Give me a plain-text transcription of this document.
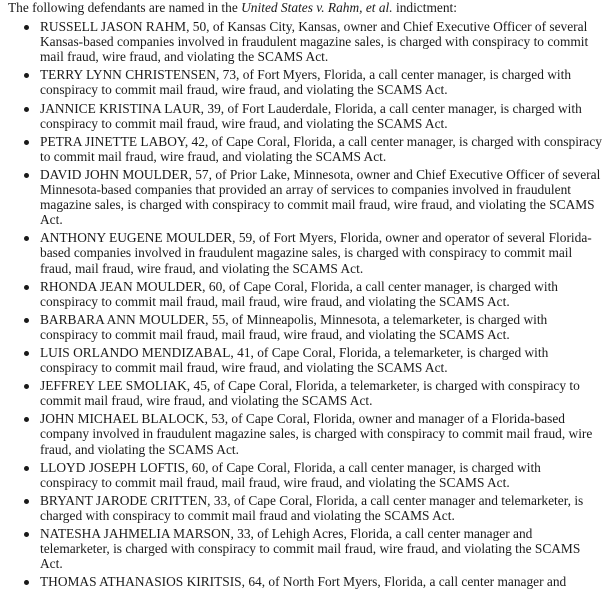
The following defendants are named in the United States v. Rahm, et al. indictment:

RUSSELL JASON RAHM, 50, of Kansas City, Kansas, owner and Chief Executive Officer of several Kansas-based companies involved in fraudulent magazine sales, is charged with conspiracy to commit mail fraud, wire fraud, and violating the SCAMS Act.
TERRY LYNN CHRISTENSEN, 73, of Fort Myers, Florida, a call center manager, is charged with conspiracy to commit mail fraud, wire fraud, and violating the SCAMS Act.
JANNICE KRISTINA LAUR, 39, of Fort Lauderdale, Florida, a call center manager, is charged with conspiracy to commit mail fraud, wire fraud, and violating the SCAMS Act.
PETRA JINETTE LABOY, 42, of Cape Coral, Florida, a call center manager, is charged with conspiracy to commit mail fraud, wire fraud, and violating the SCAMS Act.
DAVID JOHN MOULDER, 57, of Prior Lake, Minnesota, owner and Chief Executive Officer of several Minnesota-based companies that provided an array of services to companies involved in fraudulent magazine sales, is charged with conspiracy to commit mail fraud, wire fraud, and violating the SCAMS Act.
ANTHONY EUGENE MOULDER, 59, of Fort Myers, Florida, owner and operator of several Florida-based companies involved in fraudulent magazine sales, is charged with conspiracy to commit mail fraud, mail fraud, wire fraud, and violating the SCAMS Act.
RHONDA JEAN MOULDER, 60, of Cape Coral, Florida, a call center manager, is charged with conspiracy to commit mail fraud, mail fraud, wire fraud, and violating the SCAMS Act.
BARBARA ANN MOULDER, 55, of Minneapolis, Minnesota, a telemarketer, is charged with conspiracy to commit mail fraud, mail fraud, wire fraud, and violating the SCAMS Act.
LUIS ORLANDO MENDIZABAL, 41, of Cape Coral, Florida, a telemarketer, is charged with conspiracy to commit mail fraud, wire fraud, and violating the SCAMS Act.
JEFFREY LEE SMOLIAK, 45, of Cape Coral, Florida, a telemarketer, is charged with conspiracy to commit mail fraud, wire fraud, and violating the SCAMS Act.
JOHN MICHAEL BLALOCK, 53, of Cape Coral, Florida, owner and manager of a Florida-based company involved in fraudulent magazine sales, is charged with conspiracy to commit mail fraud, wire fraud, and violating the SCAMS Act.
LLOYD JOSEPH LOFTIS, 60, of Cape Coral, Florida, a call center manager, is charged with conspiracy to commit mail fraud, mail fraud, wire fraud, and violating the SCAMS Act.
BRYANT JARODE CRITTEN, 33, of Cape Coral, Florida, a call center manager and telemarketer, is charged with conspiracy to commit mail fraud and violating the SCAMS Act.
NATESHA JAHMELIA MARSON, 33, of Lehigh Acres, Florida, a call center manager and telemarketer, is charged with conspiracy to commit mail fraud, wire fraud, and violating the SCAMS Act.
THOMAS ATHANASIOS KIRITSIS, 64, of North Fort Myers, Florida, a call center manager and
